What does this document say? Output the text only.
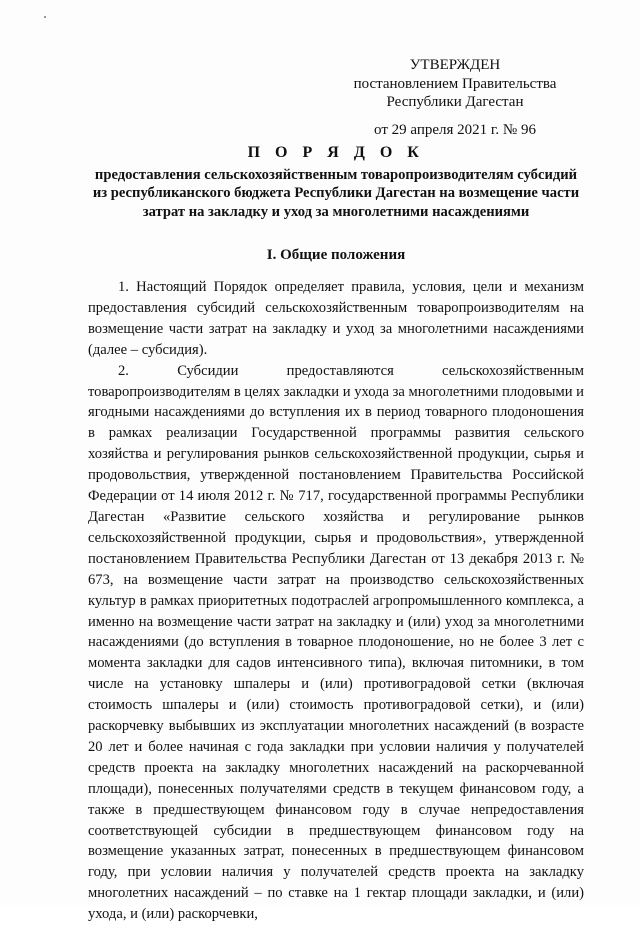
УТВЕРЖДЕН
постановлением Правительства
Республики Дагестан
от 29 апреля 2021 г. № 96
П О Р Я Д О К
предоставления сельскохозяйственным товаропроизводителям субсидий из республиканского бюджета Республики Дагестан на возмещение части затрат на закладку и уход за многолетними насаждениями
I. Общие положения

1. Настоящий Порядок определяет правила, условия, цели и механизм предоставления субсидий сельскохозяйственным товаропроизводителям на возмещение части затрат на закладку и уход за многолетними насаждениями (далее – субсидия).

2. Субсидии предоставляются сельскохозяйственным товаропроизводителям в целях закладки и ухода за многолетними плодовыми и ягодными насаждениями до вступления их в период товарного плодоношения в рамках реализации Государственной программы развития сельского хозяйства и регулирования рынков сельскохозяйственной продукции, сырья и продовольствия, утвержденной постановлением Правительства Российской Федерации от 14 июля 2012 г. № 717, государственной программы Республики Дагестан «Развитие сельского хозяйства и регулирование рынков сельскохозяйственной продукции, сырья и продовольствия», утвержденной постановлением Правительства Республики Дагестан от 13 декабря 2013 г. № 673, на возмещение части затрат на производство сельскохозяйственных культур в рамках приоритетных подотраслей агропромышленного комплекса, а именно на возмещение части затрат на закладку и (или) уход за многолетними насаждениями (до вступления в товарное плодоношение, но не более 3 лет с момента закладки для садов интенсивного типа), включая питомники, в том числе на установку шпалеры и (или) противоградовой сетки (включая стоимость шпалеры и (или) стоимость противоградовой сетки), и (или) раскорчевку выбывших из эксплуатации многолетних насаждений (в возрасте 20 лет и более начиная с года закладки при условии наличия у получателей средств проекта на закладку многолетних насаждений на раскорчеванной площади), понесенных получателями средств в текущем финансовом году, а также в предшествующем финансовом году в случае непредоставления соответствующей субсидии в предшествующем финансовом году на возмещение указанных затрат, понесенных в предшествующем финансовом году, при условии наличия у получателей средств проекта на закладку многолетних насаждений – по ставке на 1 гектар площади закладки, и (или) ухода, и (или) раскорчевки,
